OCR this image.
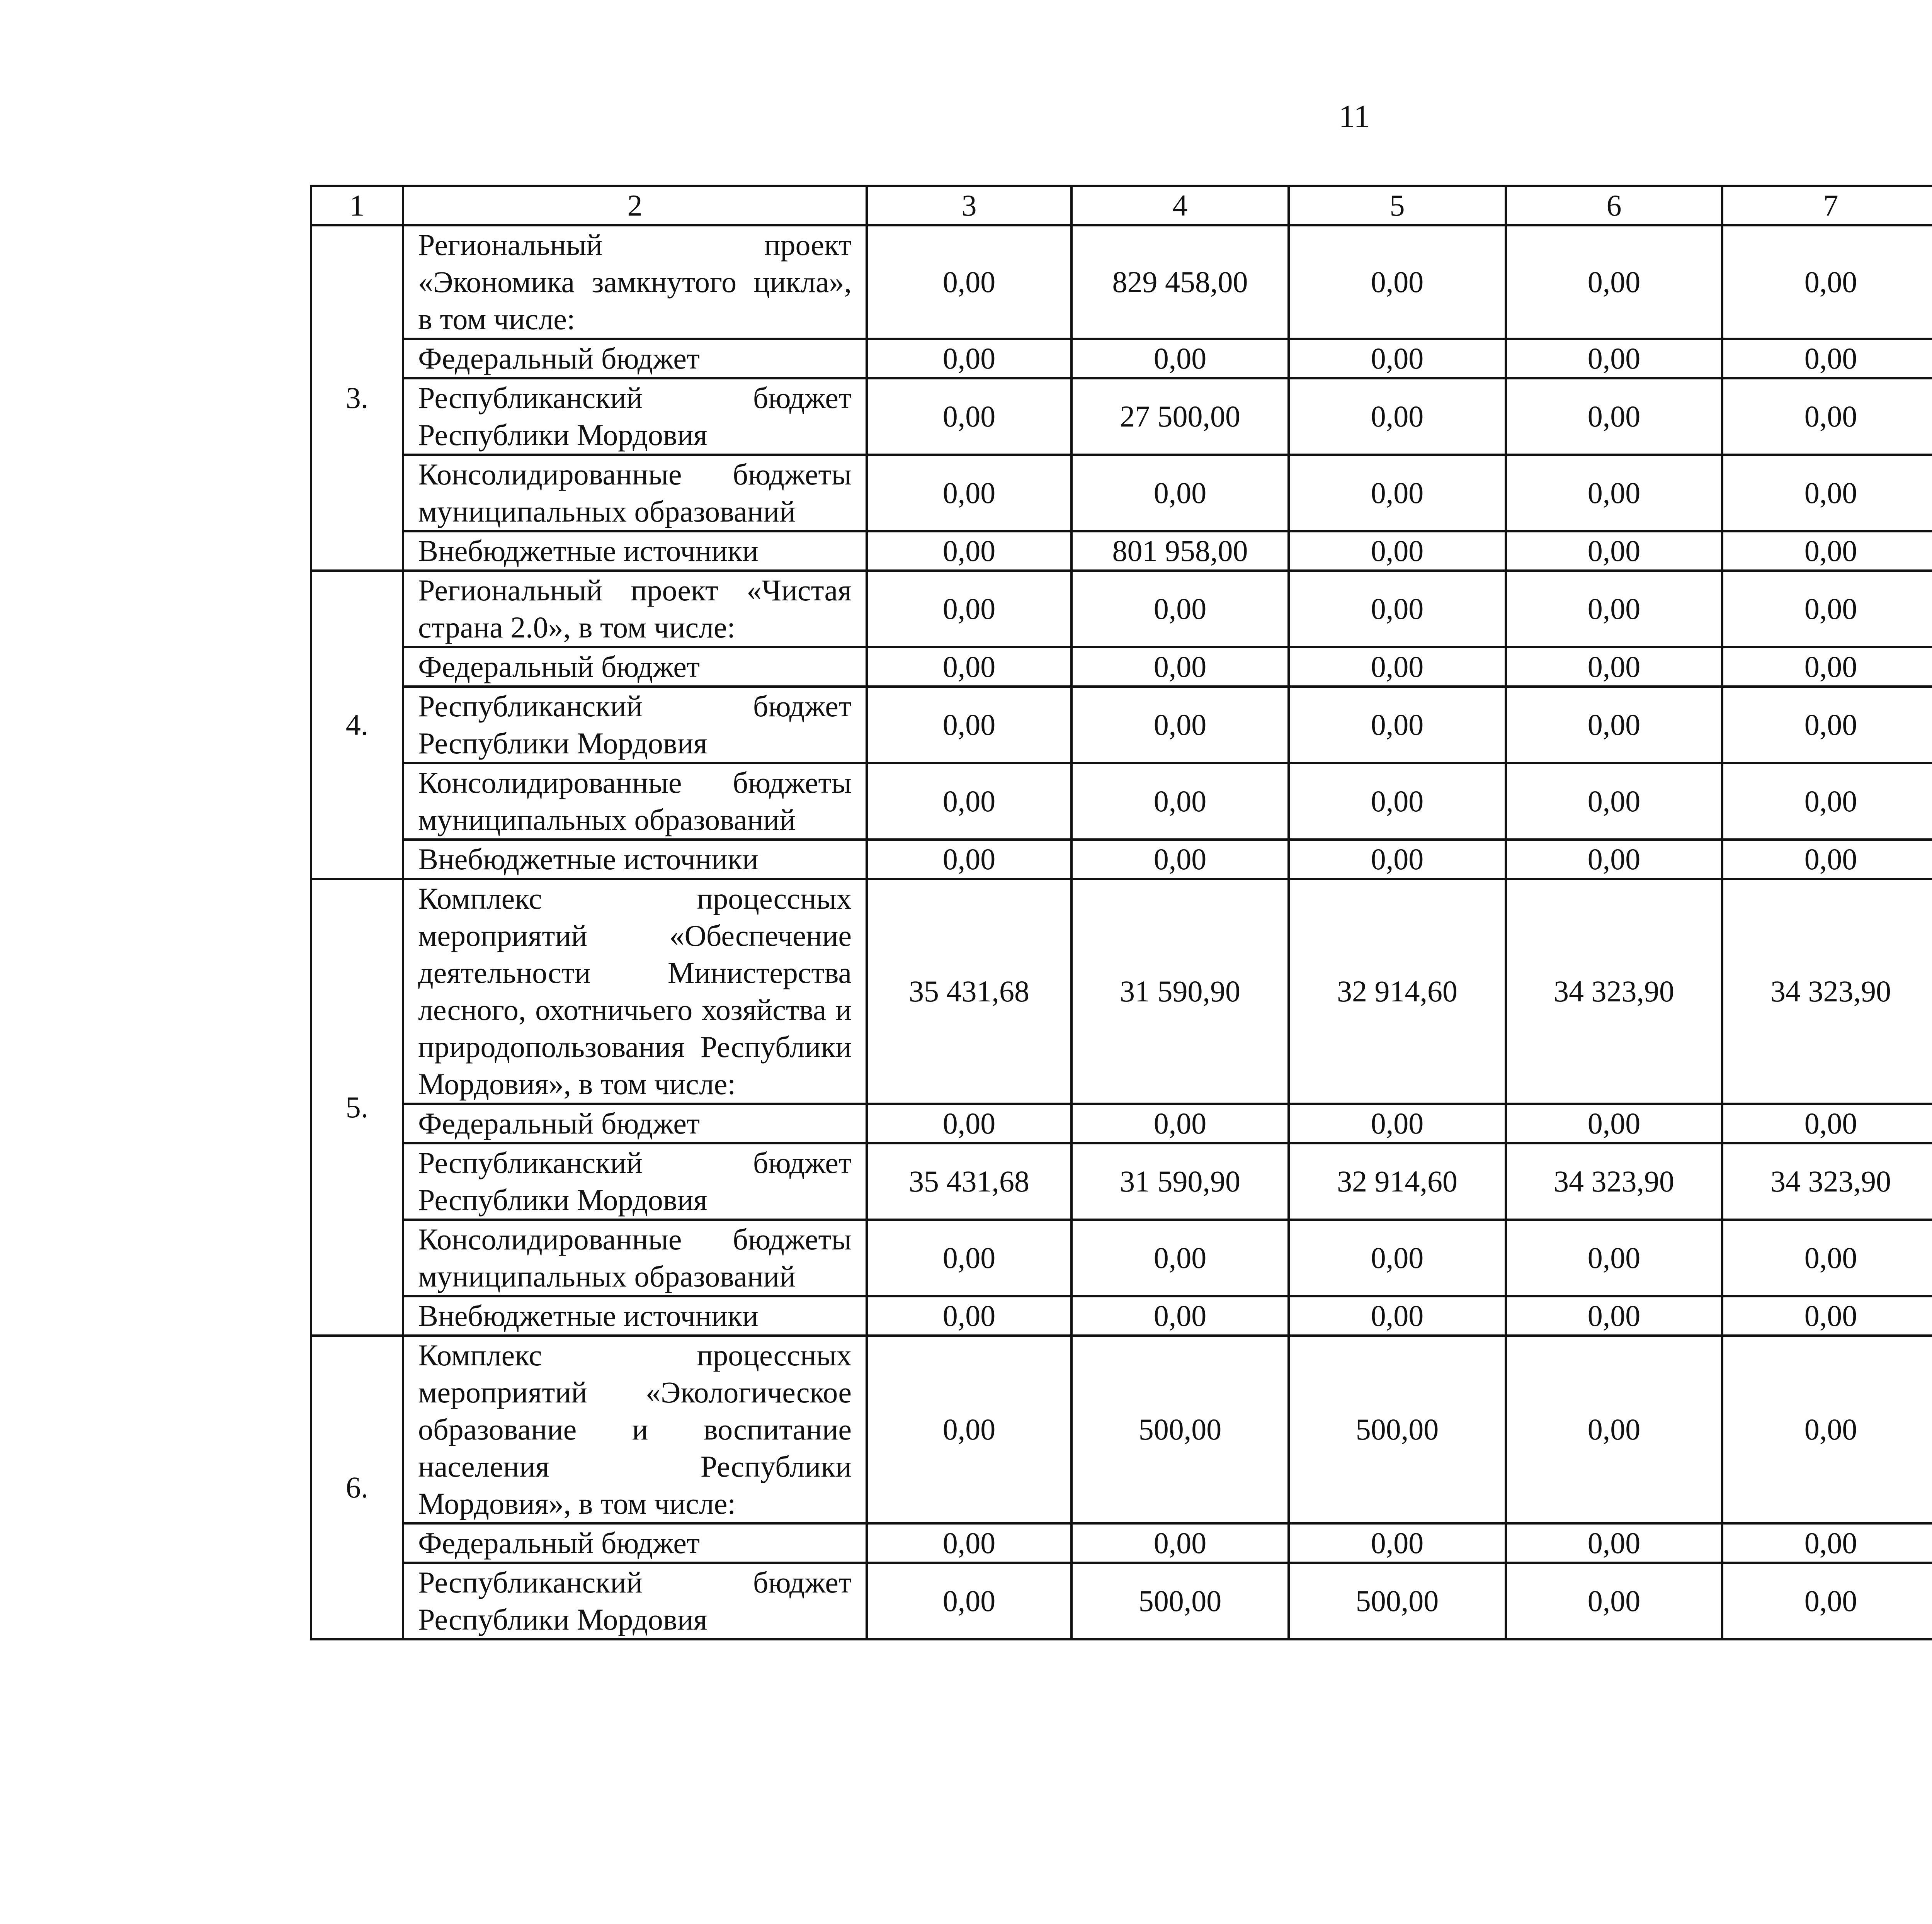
11
1	2	3	4	5	6	7			
3.	Региональный проект «Экономика замкнутого цикла», в том числе:	0,00	829 458,00	0,00	0,00	0,00			
	Федеральный бюджет	0,00	0,00	0,00	0,00	0,00			
	Республиканский бюджет Республики Мордовия	0,00	27 500,00	0,00	0,00	0,00			
	Консолидированные бюджеты муниципальных образований	0,00	0,00	0,00	0,00	0,00			
	Внебюджетные источники	0,00	801 958,00	0,00	0,00	0,00			
4.	Региональный проект «Чистая страна 2.0», в том числе:	0,00	0,00	0,00	0,00	0,00			
	Федеральный бюджет	0,00	0,00	0,00	0,00	0,00			
	Республиканский бюджет Республики Мордовия	0,00	0,00	0,00	0,00	0,00			
	Консолидированные бюджеты муниципальных образований	0,00	0,00	0,00	0,00	0,00			
	Внебюджетные источники	0,00	0,00	0,00	0,00	0,00			
5.	Комплекс процессных мероприятий «Обеспечение деятельности Министерства лесного, охотничьего хозяйства и природопользования Республики Мордовия», в том числе:	35 431,68	31 590,90	32 914,60	34 323,90	34 323,90			
	Федеральный бюджет	0,00	0,00	0,00	0,00	0,00			
	Республиканский бюджет Республики Мордовия	35 431,68	31 590,90	32 914,60	34 323,90	34 323,90			
	Консолидированные бюджеты муниципальных образований	0,00	0,00	0,00	0,00	0,00			
	Внебюджетные источники	0,00	0,00	0,00	0,00	0,00			
6.	Комплекс процессных мероприятий «Экологическое образование и воспитание населения Республики Мордовия», в том числе:	0,00	500,00	500,00	0,00	0,00			
	Федеральный бюджет	0,00	0,00	0,00	0,00	0,00			
	Республиканский бюджет Республики Мордовия	0,00	500,00	500,00	0,00	0,00			
